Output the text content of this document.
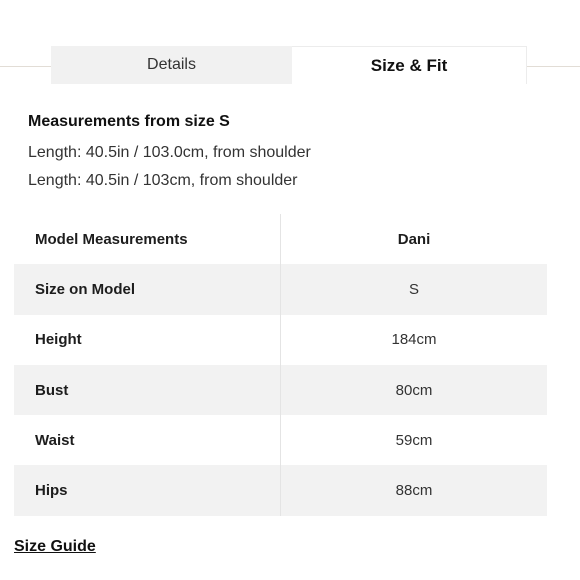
Details	Size & Fit
Measurements from size S
Length: 40.5in / 103.0cm, from shoulder
Length: 40.5in / 103cm, from shoulder
Model Measurements	Dani
Size on Model	S
Height	184cm
Bust	80cm
Waist	59cm
Hips	88cm
Size Guide
